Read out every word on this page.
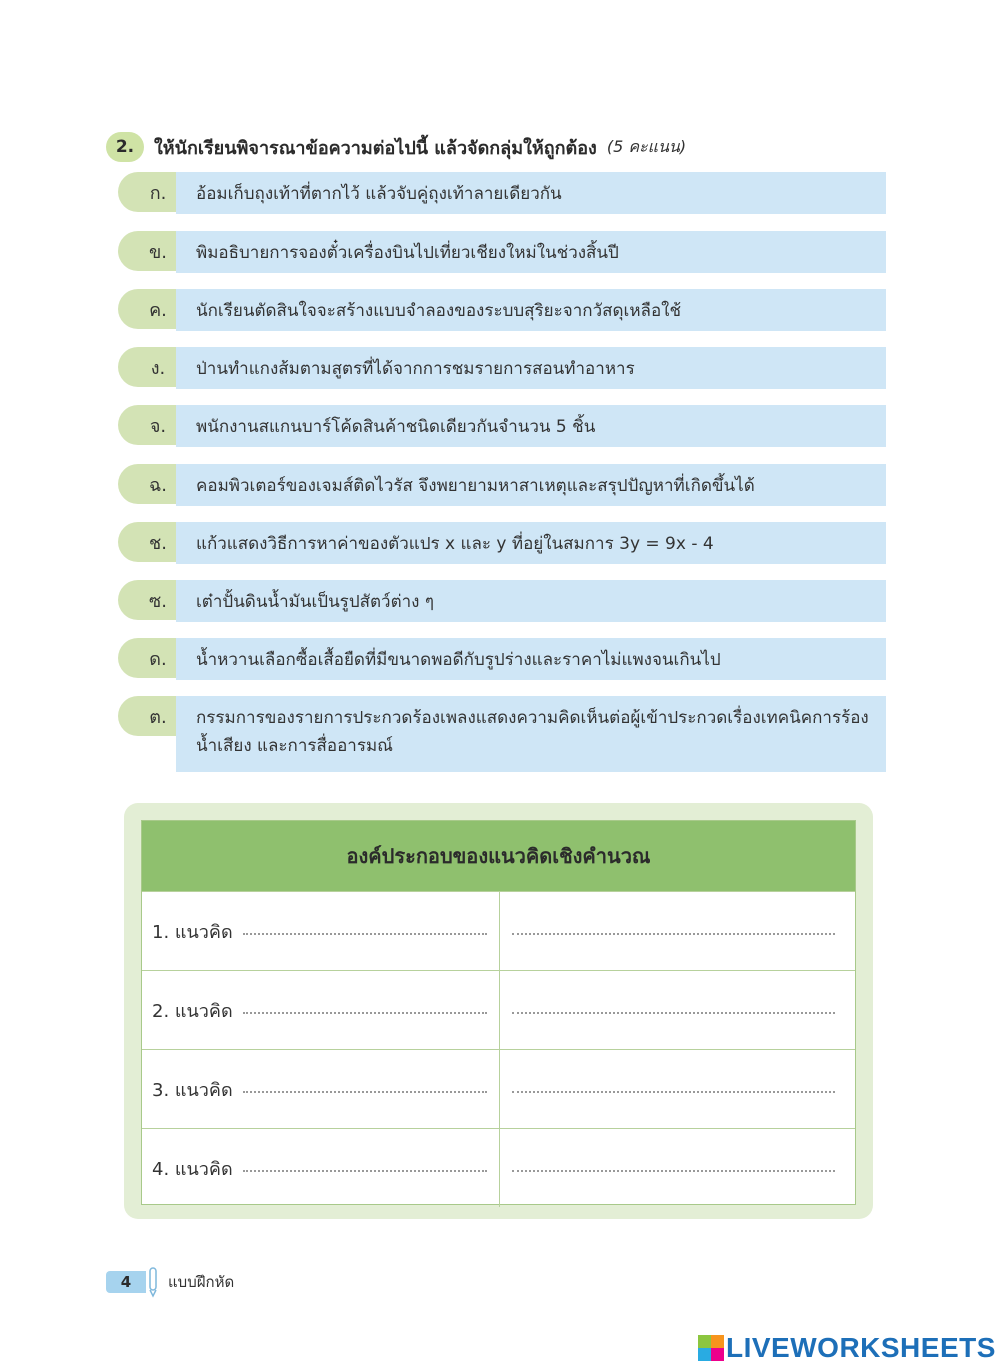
2.	ให้นักเรียนพิจารณาข้อความต่อไปนี้ แล้วจัดกลุ่มให้ถูกต้อง (5 คะแนน)
ก.	อ้อมเก็บถุงเท้าที่ตากไว้ แล้วจับคู่ถุงเท้าลายเดียวกัน
ข.	พิมอธิบายการจองตั๋วเครื่องบินไปเที่ยวเชียงใหม่ในช่วงสิ้นปี
ค.	นักเรียนตัดสินใจจะสร้างแบบจำลองของระบบสุริยะจากวัสดุเหลือใช้
ง.	ป่านทำแกงส้มตามสูตรที่ได้จากการชมรายการสอนทำอาหาร
จ.	พนักงานสแกนบาร์โค้ดสินค้าชนิดเดียวกันจำนวน 5 ชิ้น
ฉ.	คอมพิวเตอร์ของเจมส์ติดไวรัส จึงพยายามหาสาเหตุและสรุปปัญหาที่เกิดขึ้นได้
ช.	แก้วแสดงวิธีการหาค่าของตัวแปร x และ y ที่อยู่ในสมการ 3y = 9x - 4
ซ.	เต๋าปั้นดินน้ำมันเป็นรูปสัตว์ต่าง ๆ
ด.	น้ำหวานเลือกซื้อเสื้อยืดที่มีขนาดพอดีกับรูปร่างและราคาไม่แพงจนเกินไป
ต.	กรรมการของรายการประกวดร้องเพลงแสดงความคิดเห็นต่อผู้เข้าประกวดเรื่องเทคนิคการร้อง น้ำเสียง และการสื่ออารมณ์
องค์ประกอบของแนวคิดเชิงคำนวณ
1. แนวคิด
2. แนวคิด
3. แนวคิด
4. แนวคิด
4	แบบฝึกหัด
LIVEWORKSHEETS
